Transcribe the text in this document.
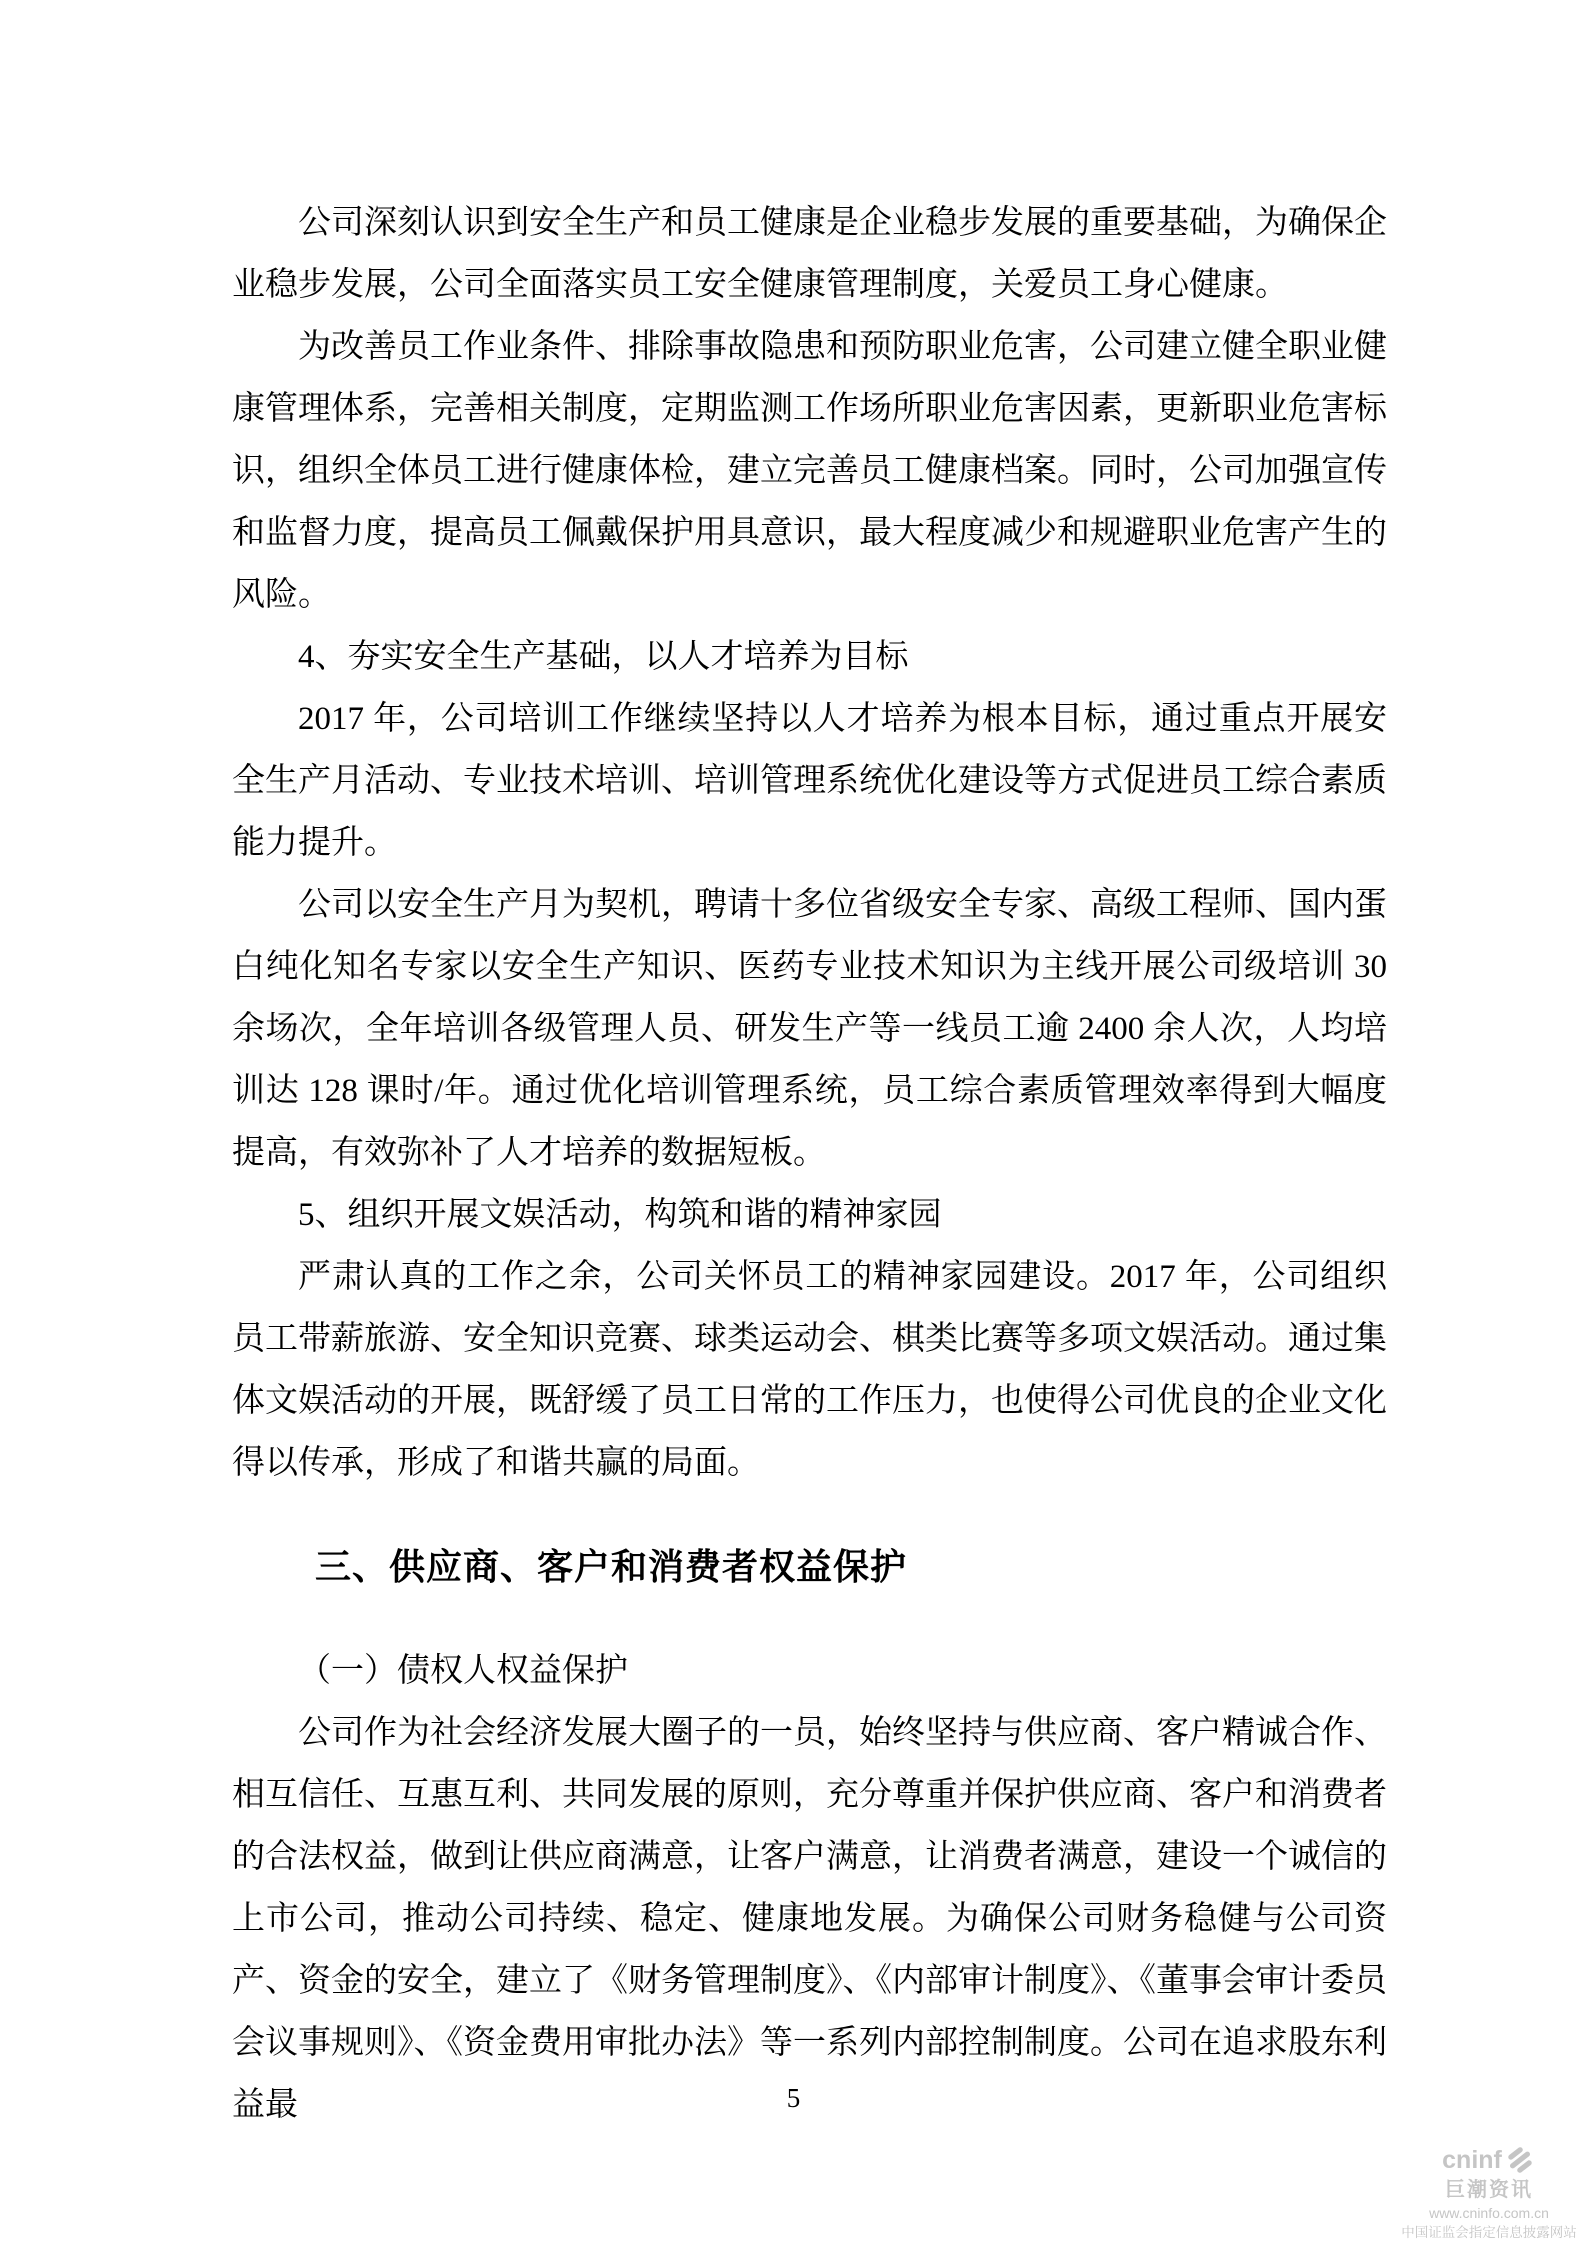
公司深刻认识到安全生产和员工健康是企业稳步发展的重要基础，为确保企业稳步发展，公司全面落实员工安全健康管理制度，关爱员工身心健康。

为改善员工作业条件、排除事故隐患和预防职业危害，公司建立健全职业健康管理体系，完善相关制度，定期监测工作场所职业危害因素，更新职业危害标识，组织全体员工进行健康体检，建立完善员工健康档案。同时，公司加强宣传和监督力度，提高员工佩戴保护用具意识，最大程度减少和规避职业危害产生的风险。

4、夯实安全生产基础，以人才培养为目标

2017 年，公司培训工作继续坚持以人才培养为根本目标，通过重点开展安全生产月活动、专业技术培训、培训管理系统优化建设等方式促进员工综合素质能力提升。

公司以安全生产月为契机，聘请十多位省级安全专家、高级工程师、国内蛋白纯化知名专家以安全生产知识、医药专业技术知识为主线开展公司级培训 30 余场次，全年培训各级管理人员、研发生产等一线员工逾 2400 余人次，人均培训达 128 课时/年。通过优化培训管理系统，员工综合素质管理效率得到大幅度提高，有效弥补了人才培养的数据短板。

5、组织开展文娱活动，构筑和谐的精神家园

严肃认真的工作之余，公司关怀员工的精神家园建设。2017 年，公司组织员工带薪旅游、安全知识竞赛、球类运动会、棋类比赛等多项文娱活动。通过集体文娱活动的开展，既舒缓了员工日常的工作压力，也使得公司优良的企业文化得以传承，形成了和谐共赢的局面。

三、供应商、客户和消费者权益保护

（一）债权人权益保护

公司作为社会经济发展大圈子的一员，始终坚持与供应商、客户精诚合作、相互信任、互惠互利、共同发展的原则，充分尊重并保护供应商、客户和消费者的合法权益，做到让供应商满意，让客户满意，让消费者满意，建设一个诚信的上市公司，推动公司持续、稳定、健康地发展。为确保公司财务稳健与公司资产、资金的安全，建立了《财务管理制度》、《内部审计制度》、《董事会审计委员会议事规则》、《资金费用审批办法》等一系列内部控制制度。公司在追求股东利益最	5
cninf
巨潮资讯
www.cninfo.com.cn
中国证监会指定信息披露网站
